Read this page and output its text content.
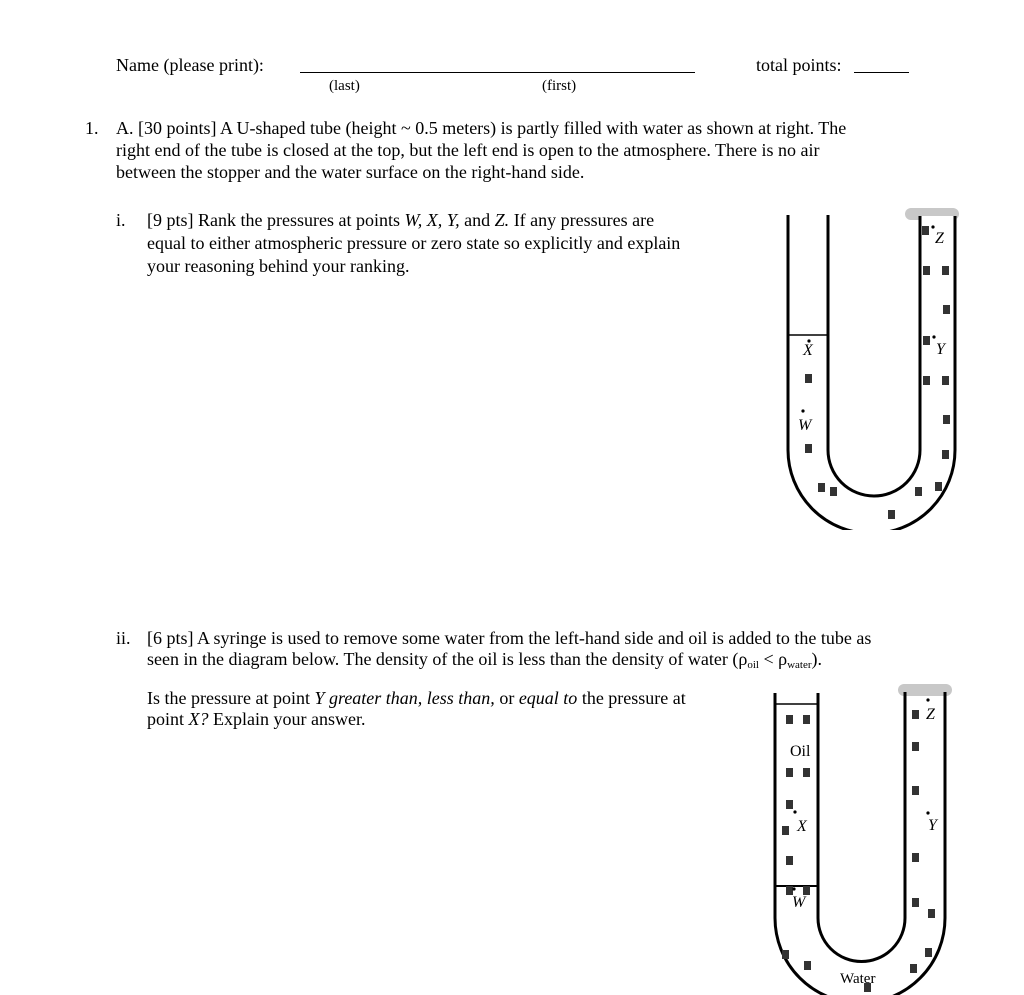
Name (please print):
(last)	(first)
total points:
1. A. [30 points] A U-shaped tube (height ~ 0.5 meters) is partly filled with water as shown at right. The
right end of the tube is closed at the top, but the left end is open to the atmosphere. There is no air
between the stopper and the water surface on the right-hand side.
i. [9 pts] Rank the pressures at points W, X, Y, and Z. If any pressures are
equal to either atmospheric pressure or zero state so explicitly and explain
your reasoning behind your ranking.
X
W
Y
Z
ii. [6 pts] A syringe is used to remove some water from the left-hand side and oil is added to the tube as
seen in the diagram below. The density of the oil is less than the density of water $(\rho_{oil} < \rho_{water})$.
Is the pressure at point Y greater than, less than, or equal to the pressure at
point X? Explain your answer.
Oil
Water
X
W
Y
Z
